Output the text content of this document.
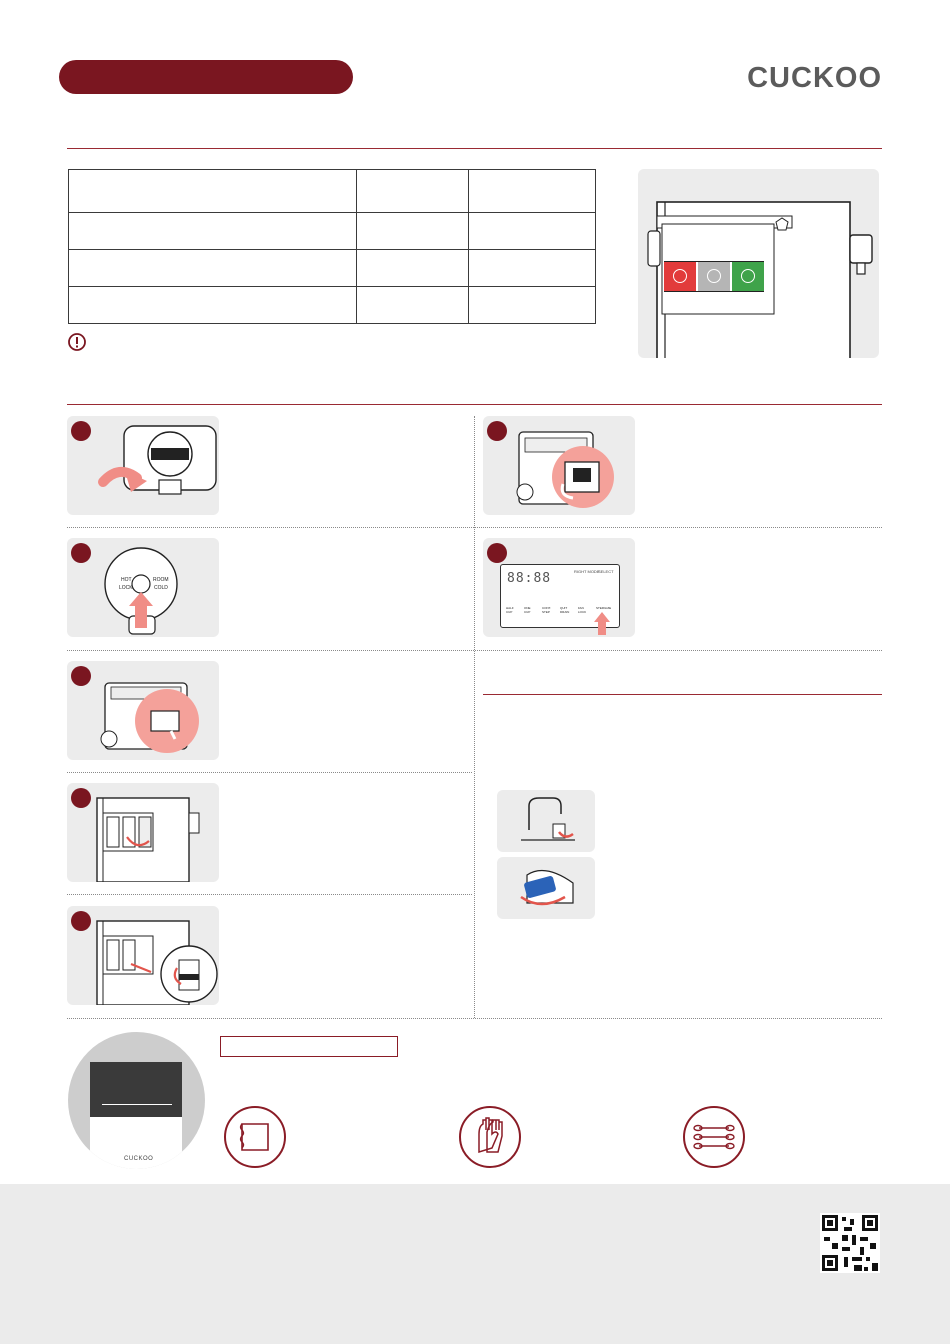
CUCKOO

HOT
LOCK
ROOM
COLD
88:88	RIGHT MODE
SELECT
HALF CUP
ONE CUP
CONT. STEP
QUIT DRAIN
FAN LOCK
STERILIZE
CUCKOO
